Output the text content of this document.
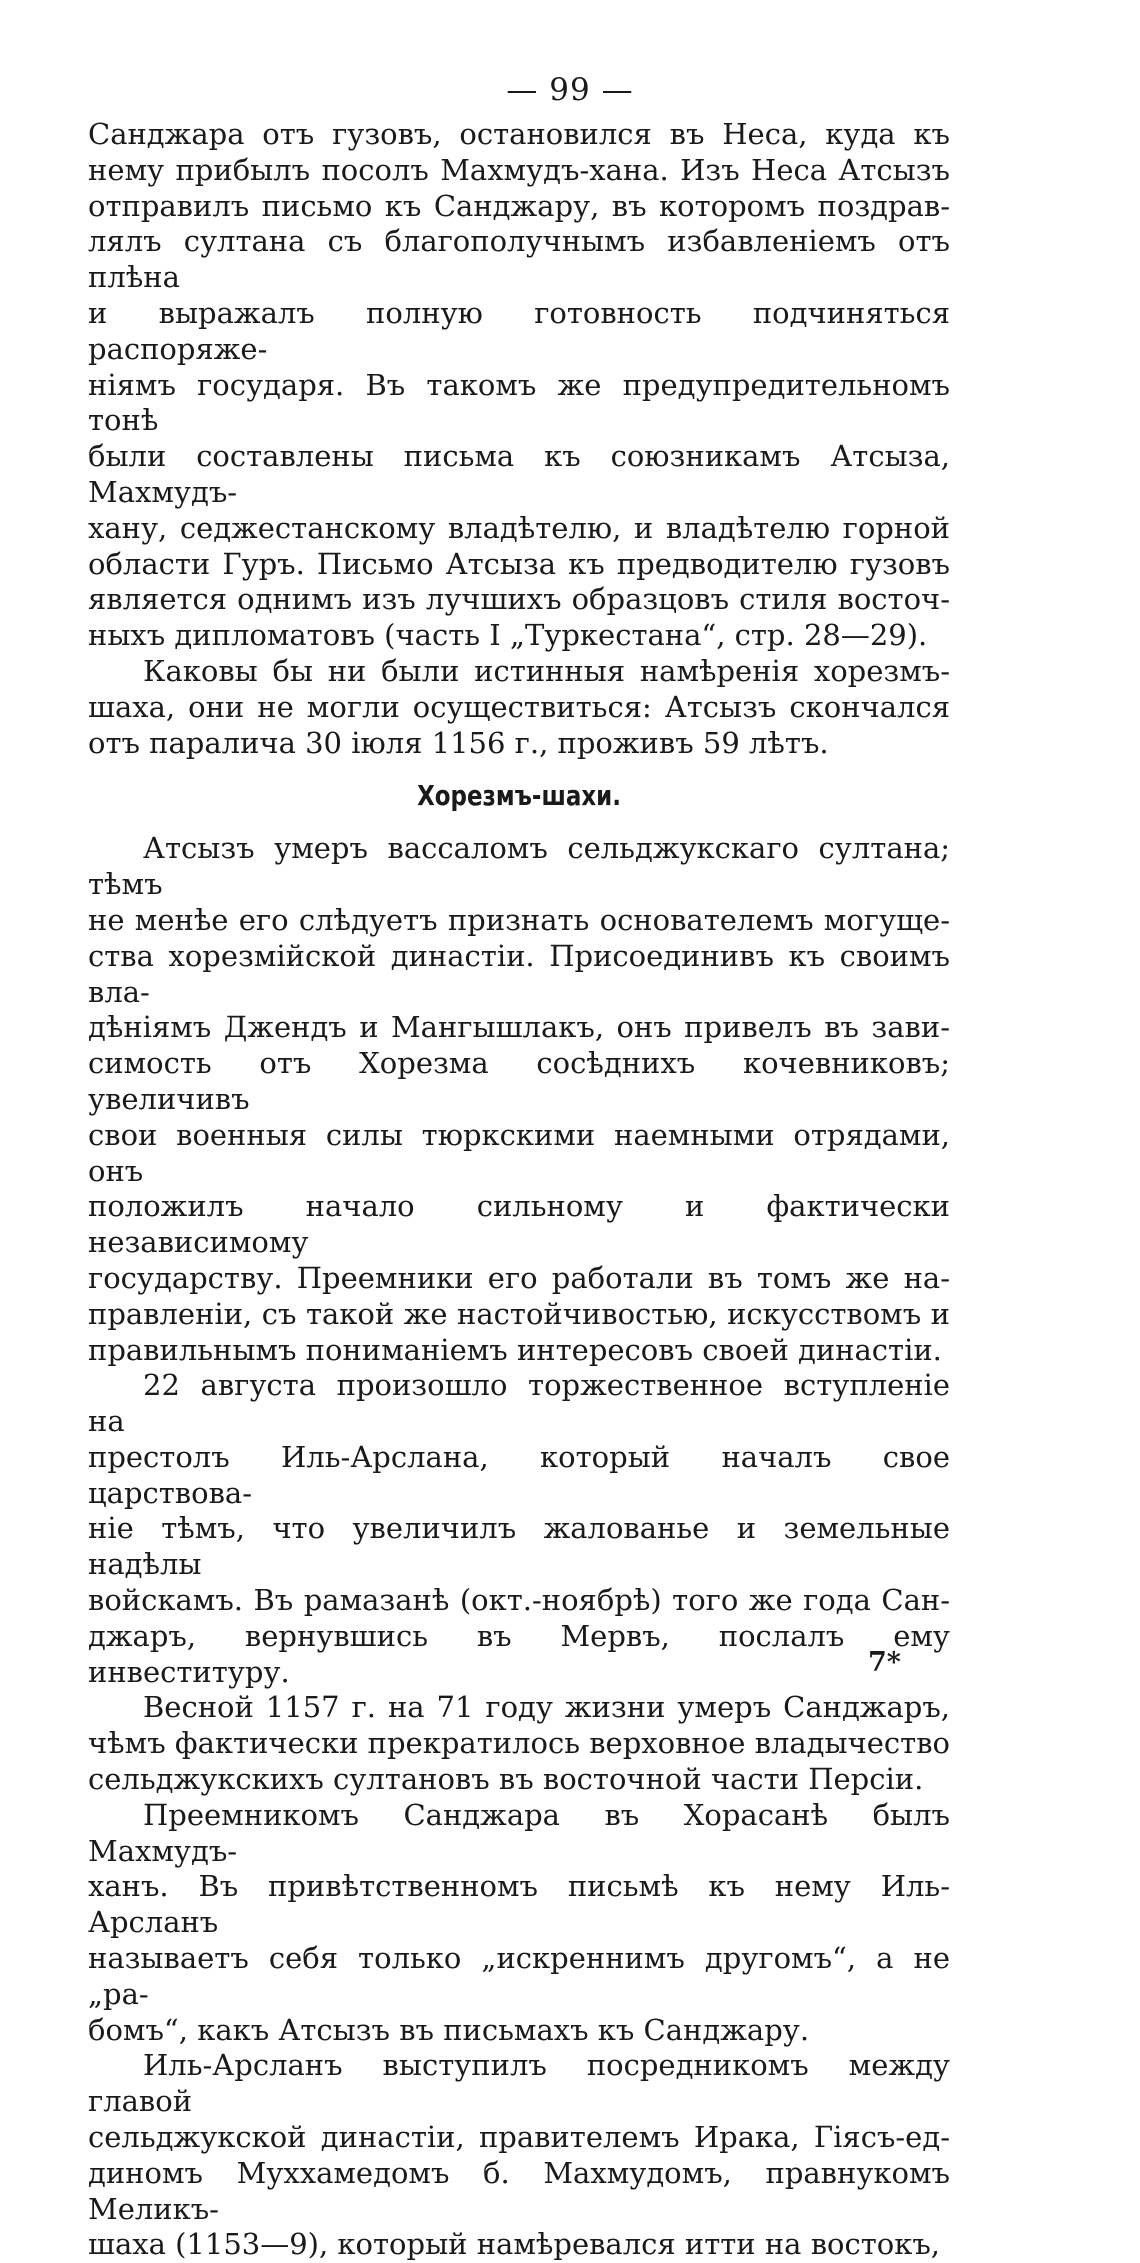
— 99 —
Санджара отъ гузовъ, остановился въ Неса, куда къ
нему прибылъ посолъ Махмудъ-хана. Изъ Неса Атсызъ
отправилъ письмо къ Санджару, въ которомъ поздрав-
лялъ султана съ благополучнымъ избавленіемъ отъ плѣна
и выражалъ полную готовность подчиняться распоряже-
ніямъ государя. Въ такомъ же предупредительномъ тонѣ
были составлены письма къ союзникамъ Атсыза, Махмудъ-
хану, седжестанскому владѣтелю, и владѣтелю горной
области Гуръ. Письмо Атсыза къ предводителю гузовъ
является однимъ изъ лучшихъ образцовъ стиля восточ-
ныхъ дипломатовъ (часть I „Туркестана“, стр. 28—29).
Каковы бы ни были истинныя намѣренія хорезмъ-
шаха, они не могли осуществиться: Атсызъ скончался
отъ паралича 30 іюля 1156 г., проживъ 59 лѣтъ.
Хорезмъ-шахи.
Атсызъ умеръ вассаломъ сельджукскаго султана; тѣмъ
не менѣе его слѣдуетъ признать основателемъ могуще-
ства хорезмійской династіи. Присоединивъ къ своимъ вла-
дѣніямъ Джендъ и Мангышлакъ, онъ привелъ въ зави-
симость отъ Хорезма сосѣднихъ кочевниковъ; увеличивъ
свои военныя силы тюркскими наемными отрядами, онъ
положилъ начало сильному и фактически независимому
государству. Преемники его работали въ томъ же на-
правленіи, съ такой же настойчивостью, искусствомъ и
правильнымъ пониманіемъ интересовъ своей династіи.
22 августа произошло торжественное вступленіе на
престолъ Иль-Арслана, который началъ свое царствова-
ніе тѣмъ, что увеличилъ жалованье и земельные надѣлы
войскамъ. Въ рамазанѣ (окт.-ноябрѣ) того же года Сан-
джаръ, вернувшись въ Мервъ, послалъ ему инвеституру.
Весной 1157 г. на 71 году жизни умеръ Санджаръ,
чѣмъ фактически прекратилось верховное владычество
сельджукскихъ султановъ въ восточной части Персіи.
Преемникомъ Санджара въ Хорасанѣ былъ Махмудъ-
ханъ. Въ привѣтственномъ письмѣ къ нему Иль-Арсланъ
называетъ себя только „искреннимъ другомъ“, а не „ра-
бомъ“, какъ Атсызъ въ письмахъ къ Санджару.
Иль-Арсланъ выступилъ посредникомъ между главой
сельджукской династіи, правителемъ Ирака, Гіясъ-ед-
диномъ Муххамедомъ б. Махмудомъ, правнукомъ Меликъ-
шаха (1153—9), который намѣревался итти на востокъ,
7*
